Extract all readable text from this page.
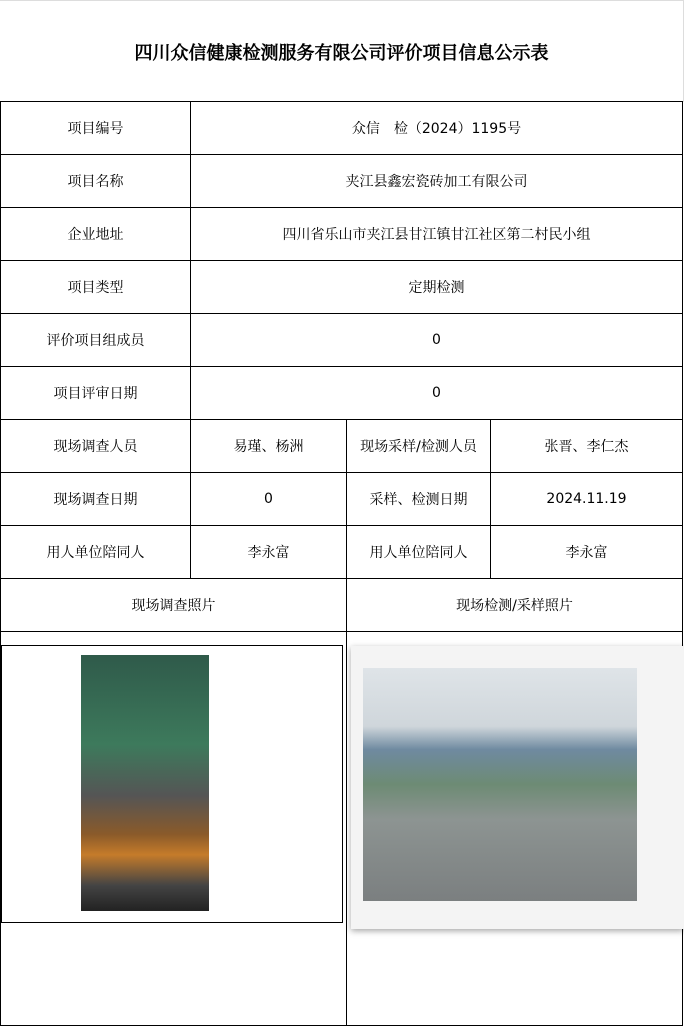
四川众信健康检测服务有限公司评价项目信息公示表
项目编号	众信　检（2024）1195号
项目名称	夹江县鑫宏瓷砖加工有限公司
企业地址	四川省乐山市夹江县甘江镇甘江社区第二村民小组
项目类型	定期检测
评价项目组成员	0
项目评审日期	0
现场调查人员	易瑾、杨洲	现场采样/检测人员	张晋、李仁杰
现场调查日期	0	采样、检测日期	2024.11.19
用人单位陪同人	李永富	用人单位陪同人	李永富
现场调查照片	现场检测/采样照片
